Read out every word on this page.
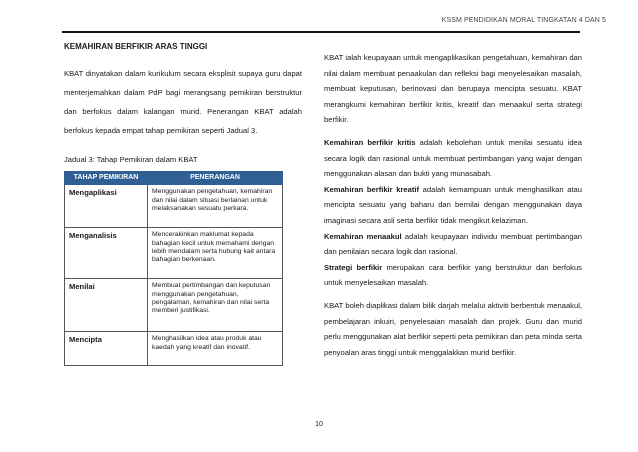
KSSM PENDIDIKAN MORAL TINGKATAN 4 DAN 5

KEMAHIRAN BERFIKIR ARAS TINGGI

KBAT dinyatakan dalam kurikulum secara eksplisit supaya guru dapat menterjemahkan dalam PdP bagi merangsang pemikiran berstruktur dan berfokus dalam kalangan murid. Penerangan KBAT adalah berfokus kepada empat tahap pemikiran seperti Jadual 3.

Jadual 3: Tahap Pemikiran dalam KBAT

TAHAP PEMIKIRAN	PENERANGAN
Mengaplikasi	Menggunakan pengetahuan, kemahiran dan nilai dalam situasi berlainan untuk melaksanakan sesuatu perkara.
Menganalisis	Mencerakinkan maklumat kepada bahagian kecil untuk memahami dengan lebih mendalam serta hubung kait antara bahagian berkenaan.
Menilai	Membuat pertimbangan dan keputusan menggunakan pengetahuan, pengalaman, kemahiran dan nilai serta memberi justifikasi.
Mencipta	Menghasilkan idea atau produk atau kaedah yang kreatif dan inovatif.

KBAT ialah keupayaan untuk mengaplikasikan pengetahuan, kemahiran dan nilai dalam membuat penaakulan dan refleksi bagi menyelesaikan masalah, membuat keputusan, berinovasi dan berupaya mencipta sesuatu. KBAT merangkumi kemahiran berfikir kritis, kreatif dan menaakul serta strategi berfikir.

Kemahiran berfikir kritis adalah kebolehan untuk menilai sesuatu idea secara logik dan rasional untuk membuat pertimbangan yang wajar dengan menggunakan alasan dan bukti yang munasabah.

Kemahiran berfikir kreatif adalah kemampuan untuk menghasilkan atau mencipta sesuatu yang baharu dan bernilai dengan menggunakan daya imaginasi secara asli serta berfikir tidak mengikut kelaziman.

Kemahiran menaakul adalah keupayaan individu membuat pertimbangan dan penilaian secara logik dan rasional.

Strategi berfikir merupakan cara berfikir yang berstruktur dan berfokus untuk menyelesaikan masalah.

KBAT boleh diaplikasi dalam bilik darjah melalui aktiviti berbentuk menaakul, pembelajaran inkuiri, penyelesaian masalah dan projek. Guru dan murid perlu menggunakan alat berfikir seperti peta pemikiran dan peta minda serta penyoalan aras tinggi untuk menggalakkan murid berfikir.

10
